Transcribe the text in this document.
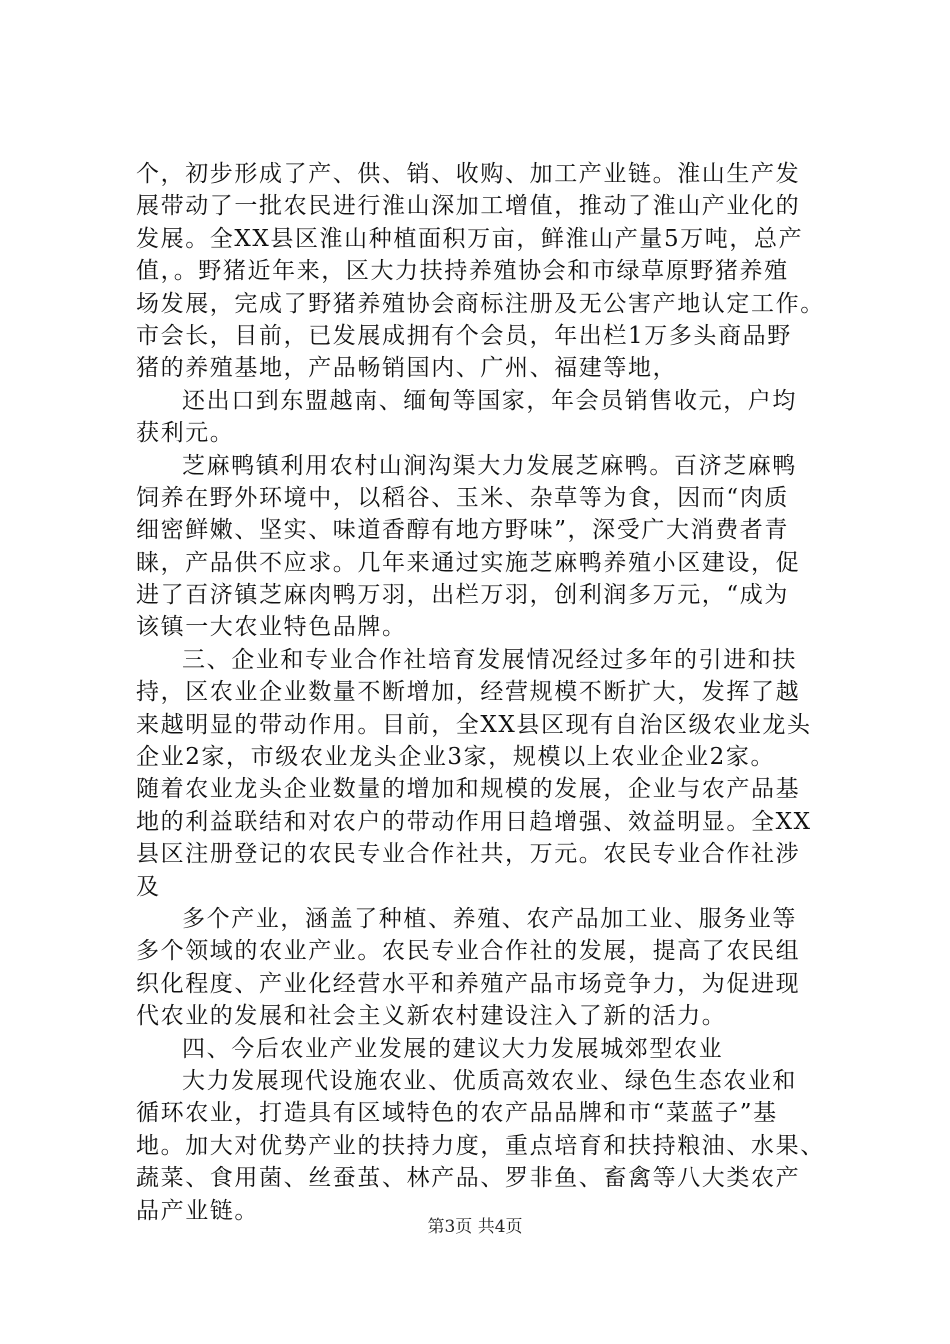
个，初步形成了产、供、销、收购、加工产业链。淮山生产发
展带动了一批农民进行淮山深加工增值，推动了淮山产业化的
发展。全XX县区淮山种植面积万亩，鲜淮山产量5万吨，总产
值，。野猪近年来，区大力扶持养殖协会和市绿草原野猪养殖
场发展，完成了野猪养殖协会商标注册及无公害产地认定工作。
市会长，目前，已发展成拥有个会员，年出栏1万多头商品野
猪的养殖基地，产品畅销国内、广州、福建等地，
还出口到东盟越南、缅甸等国家，年会员销售收元，户均
获利元。
芝麻鸭镇利用农村山涧沟渠大力发展芝麻鸭。百济芝麻鸭
饲养在野外环境中，以稻谷、玉米、杂草等为食，因而“肉质
细密鲜嫩、坚实、味道香醇有地方野味”，深受广大消费者青
睐，产品供不应求。几年来通过实施芝麻鸭养殖小区建设，促
进了百济镇芝麻肉鸭万羽，出栏万羽，创利润多万元，“成为
该镇一大农业特色品牌。
三、企业和专业合作社培育发展情况经过多年的引进和扶
持，区农业企业数量不断增加，经营规模不断扩大，发挥了越
来越明显的带动作用。目前，全XX县区现有自治区级农业龙头
企业2家，市级农业龙头企业3家，规模以上农业企业2家。
随着农业龙头企业数量的增加和规模的发展，企业与农产品基
地的利益联结和对农户的带动作用日趋增强、效益明显。全XX
县区注册登记的农民专业合作社共，万元。农民专业合作社涉
及
多个产业，涵盖了种植、养殖、农产品加工业、服务业等
多个领域的农业产业。农民专业合作社的发展，提高了农民组
织化程度、产业化经营水平和养殖产品市场竞争力，为促进现
代农业的发展和社会主义新农村建设注入了新的活力。
四、今后农业产业发展的建议大力发展城郊型农业
大力发展现代设施农业、优质高效农业、绿色生态农业和
循环农业，打造具有区域特色的农产品品牌和市“菜蓝子”基
地。加大对优势产业的扶持力度，重点培育和扶持粮油、水果、
蔬菜、食用菌、丝蚕茧、林产品、罗非鱼、畜禽等八大类农产
品产业链。
第3页 共4页
